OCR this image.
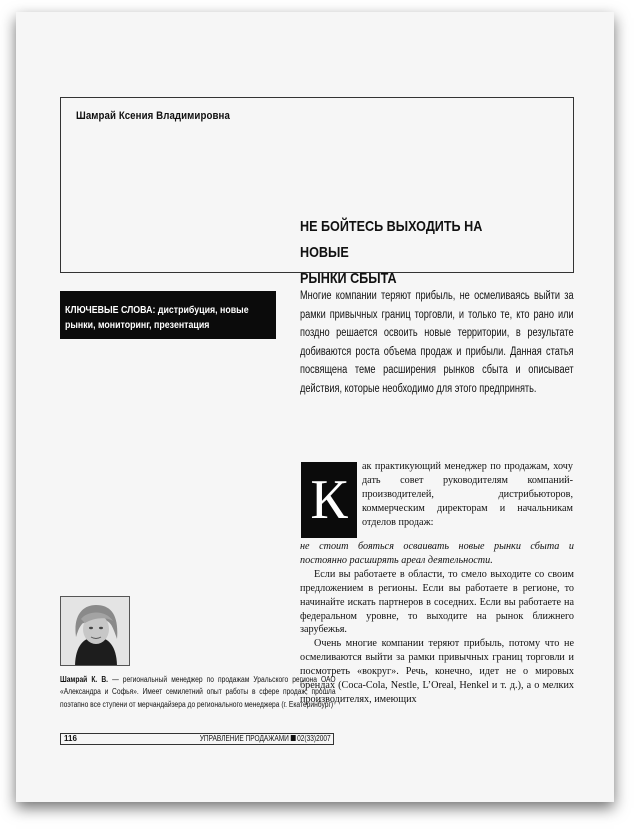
Шамрай Ксения Владимировна
НЕ БОЙТЕСЬ ВЫХОДИТЬ НА НОВЫЕ
РЫНКИ СБЫТА
КЛЮЧЕВЫЕ СЛОВА: дистрибуция, новые рынки, мониторинг, презентация
Многие компании теряют прибыль, не осмеливаясь выйти за рамки привычных границ торговли, и только те, кто рано или поздно решается освоить новые территории, в результате добиваются роста объема продаж и прибыли. Данная статья посвящена теме расширения рынков сбыта и описывает действия, которые необходимо для этого предпринять.
К
ак практикующий менеджер по продажам, хочу дать совет руководителям компаний-производителей, дистрибьюторов, коммерческим директорам и начальникам отделов продаж:

не стоит бояться осваивать новые рынки сбыта и постоянно расширять ареал деятельности.

Если вы работаете в области, то смело выходите со своим предложением в регионы. Если вы работаете в регионе, то начинайте искать партнеров в соседних. Если вы работаете на федеральном уровне, то выходите на рынок ближнего зарубежья.

Очень многие компании теряют прибыль, потому что не осмеливаются выйти за рамки привычных границ торговли и посмотреть «вокруг». Речь, конечно, идет не о мировых брендах (Coca-Cola, Nestle, L’Oreal, Henkel и т. д.), а о мелких производителях, имеющих

Шамрай К. В. — региональный менеджер по продажам Уральского региона ОАО «Александра и Софья». Имеет семилетний опыт работы в сфере продаж, прошла поэтапно все ступени от мерчандайзера до регионального менеджера (г. Екатеринбург)
116	УПРАВЛЕНИЕ ПРОДАЖАМИ 02(33)2007
